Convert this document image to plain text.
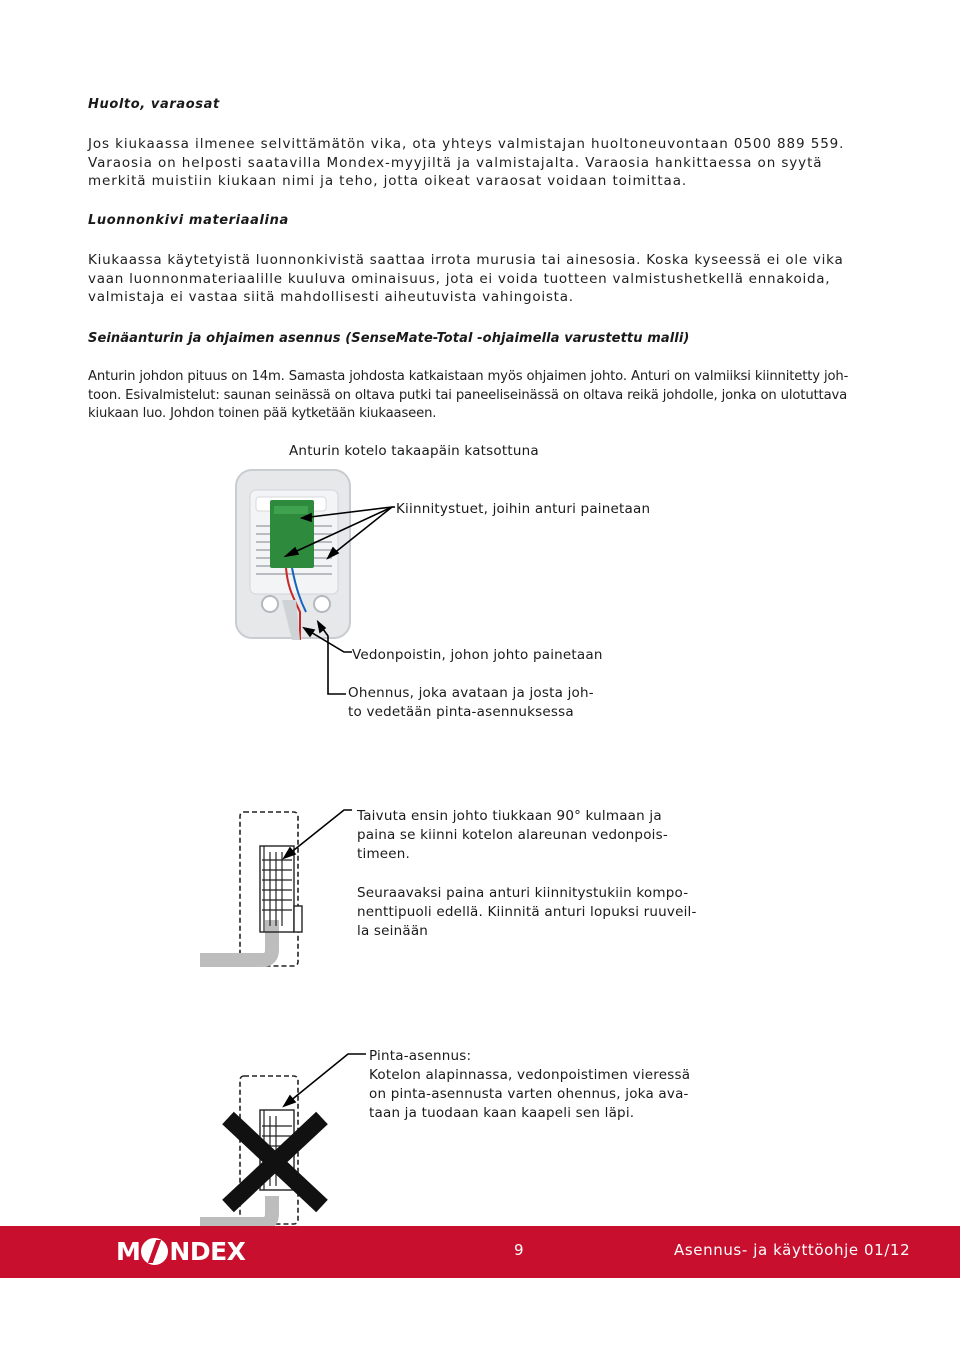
Huolto, varaosat
Jos kiukaassa ilmenee selvittämätön vika, ota yhteys valmistajan huoltoneuvontaan 0500 889 559.
Varaosia on helposti saatavilla Mondex-myyjiltä ja valmistajalta. Varaosia hankittaessa on syytä
merkitä muistiin kiukaan nimi ja teho, jotta oikeat varaosat voidaan toimittaa.
Luonnonkivi materiaalina
Kiukaassa käytetyistä luonnonkivistä saattaa irrota murusia tai ainesosia. Koska kyseessä ei ole vika
vaan luonnonmateriaalille kuuluva ominaisuus, jota ei voida tuotteen valmistushetkellä ennakoida,
valmistaja ei vastaa siitä mahdollisesti aiheutuvista vahingoista.
Seinäanturin ja ohjaimen asennus (SenseMate-Total -ohjaimella varustettu malli)
Anturin johdon pituus on 14m. Samasta johdosta katkaistaan myös ohjaimen johto. Anturi on valmiiksi kiinnitetty joh-
toon. Esivalmistelut: saunan seinässä on oltava putki tai paneeliseinässä on oltava reikä johdolle, jonka on ulotuttava
kiukaan luo. Johdon toinen pää kytketään kiukaaseen.
Anturin kotelo takaapäin katsottuna
Kiinnitystuet, joihin anturi painetaan
Vedonpoistin, johon johto painetaan
Ohennus, joka avataan ja josta joh-
to vedetään pinta-asennuksessa
Taivuta ensin johto tiukkaan 90° kulmaan ja
paina se kiinni kotelon alareunan vedonpois-
timeen.
Seuraavaksi paina anturi kiinnitystukiin kompo-
nenttipuoli edellä. Kiinnitä anturi lopuksi ruuveil-
la seinään
Pinta-asennus:
Kotelon alapinnassa, vedonpoistimen vieressä
on pinta-asennusta varten ohennus, joka ava-
taan ja tuodaan kaan kaapeli sen läpi.
M NDEX	9	Asennus- ja käyttöohje 01/12
